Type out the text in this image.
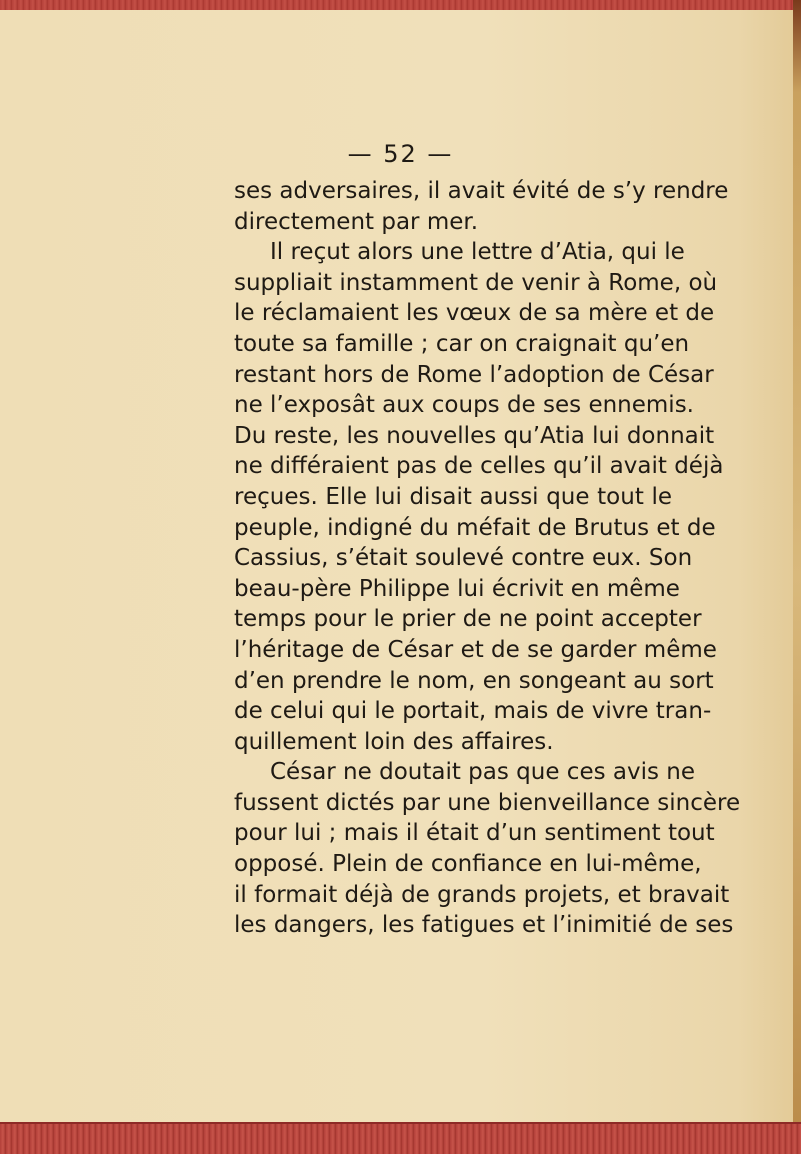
— 52 —
ses adversaires, il avait évité de s’y rendre
directement par mer.
Il reçut alors une lettre d’Atia, qui le
suppliait instamment de venir à Rome, où
le réclamaient les vœux de sa mère et de
toute sa famille ; car on craignait qu’en
restant hors de Rome l’adoption de César
ne l’exposât aux coups de ses ennemis.
Du reste, les nouvelles qu’Atia lui donnait
ne différaient pas de celles qu’il avait déjà
reçues. Elle lui disait aussi que tout le
peuple, indigné du méfait de Brutus et de
Cassius, s’était soulevé contre eux. Son
beau-père Philippe lui écrivit en même
temps pour le prier de ne point accepter
l’héritage de César et de se garder même
d’en prendre le nom, en songeant au sort
de celui qui le portait, mais de vivre tran-
quillement loin des affaires.
César ne doutait pas que ces avis ne
fussent dictés par une bienveillance sincère
pour lui ; mais il était d’un sentiment tout
opposé. Plein de confiance en lui-même,
il formait déjà de grands projets, et bravait
les dangers, les fatigues et l’inimitié de ses
